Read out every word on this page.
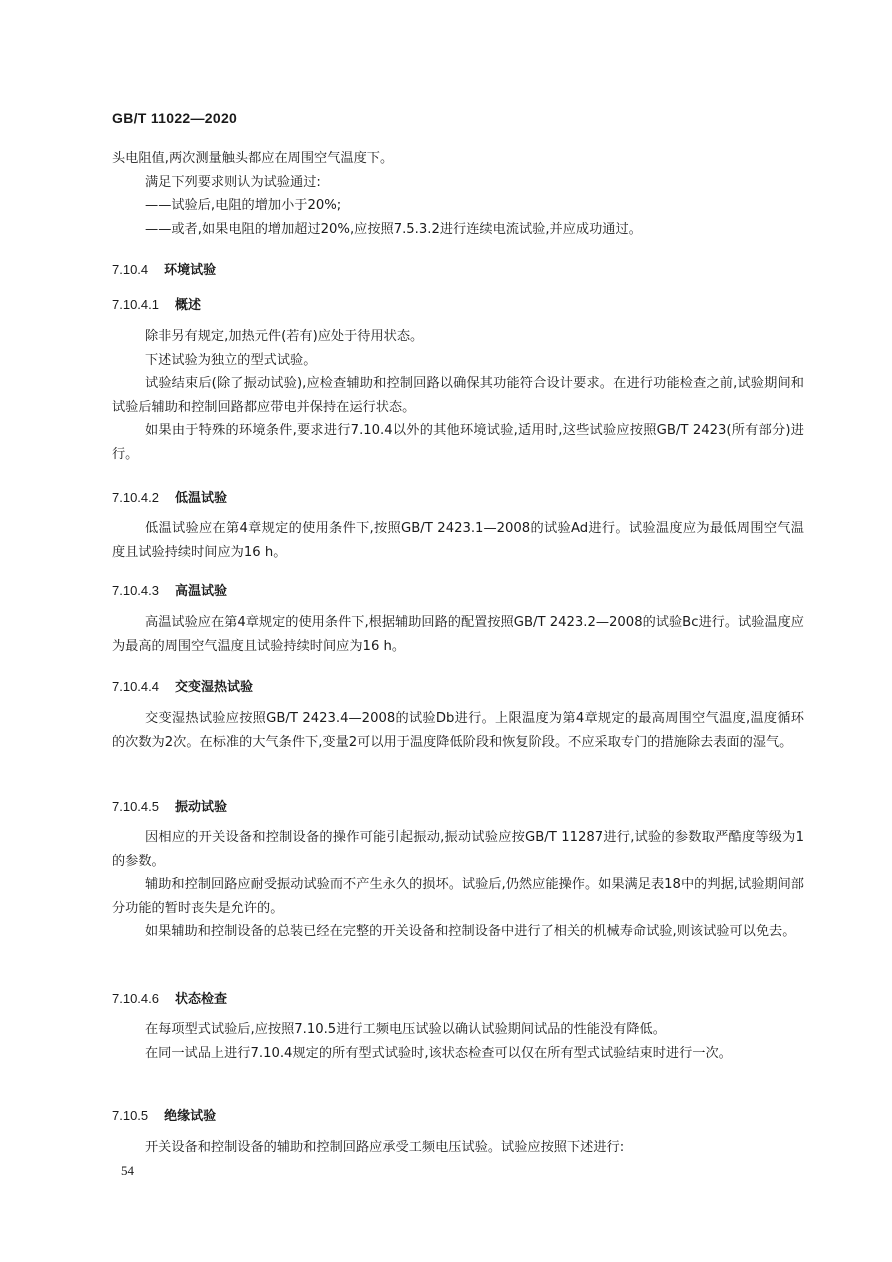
GB/T 11022—2020

头电阻值,两次测量触头都应在周围空气温度下。

满足下列要求则认为试验通过:

——试验后,电阻的增加小于20%;

——或者,如果电阻的增加超过20%,应按照7.5.3.2进行连续电流试验,并应成功通过。

7.10.4 环境试验
7.10.4.1 概述

除非另有规定,加热元件(若有)应处于待用状态。

下述试验为独立的型式试验。

试验结束后(除了振动试验),应检查辅助和控制回路以确保其功能符合设计要求。在进行功能检查之前,试验期间和试验后辅助和控制回路都应带电并保持在运行状态。

如果由于特殊的环境条件,要求进行7.10.4以外的其他环境试验,适用时,这些试验应按照GB/T 2423(所有部分)进行。

7.10.4.2 低温试验

低温试验应在第4章规定的使用条件下,按照GB/T 2423.1—2008的试验Ad进行。试验温度应为最低周围空气温度且试验持续时间应为16 h。

7.10.4.3 高温试验

高温试验应在第4章规定的使用条件下,根据辅助回路的配置按照GB/T 2423.2—2008的试验Bc进行。试验温度应为最高的周围空气温度且试验持续时间应为16 h。

7.10.4.4 交变湿热试验

交变湿热试验应按照GB/T 2423.4—2008的试验Db进行。上限温度为第4章规定的最高周围空气温度,温度循环的次数为2次。在标准的大气条件下,变量2可以用于温度降低阶段和恢复阶段。不应采取专门的措施除去表面的湿气。

7.10.4.5 振动试验

因相应的开关设备和控制设备的操作可能引起振动,振动试验应按GB/T 11287进行,试验的参数取严酷度等级为1的参数。

辅助和控制回路应耐受振动试验而不产生永久的损坏。试验后,仍然应能操作。如果满足表18中的判据,试验期间部分功能的暂时丧失是允许的。

如果辅助和控制设备的总装已经在完整的开关设备和控制设备中进行了相关的机械寿命试验,则该试验可以免去。

7.10.4.6 状态检查

在每项型式试验后,应按照7.10.5进行工频电压试验以确认试验期间试品的性能没有降低。

在同一试品上进行7.10.4规定的所有型式试验时,该状态检查可以仅在所有型式试验结束时进行一次。

7.10.5 绝缘试验

开关设备和控制设备的辅助和控制回路应承受工频电压试验。试验应按照下述进行:

54
